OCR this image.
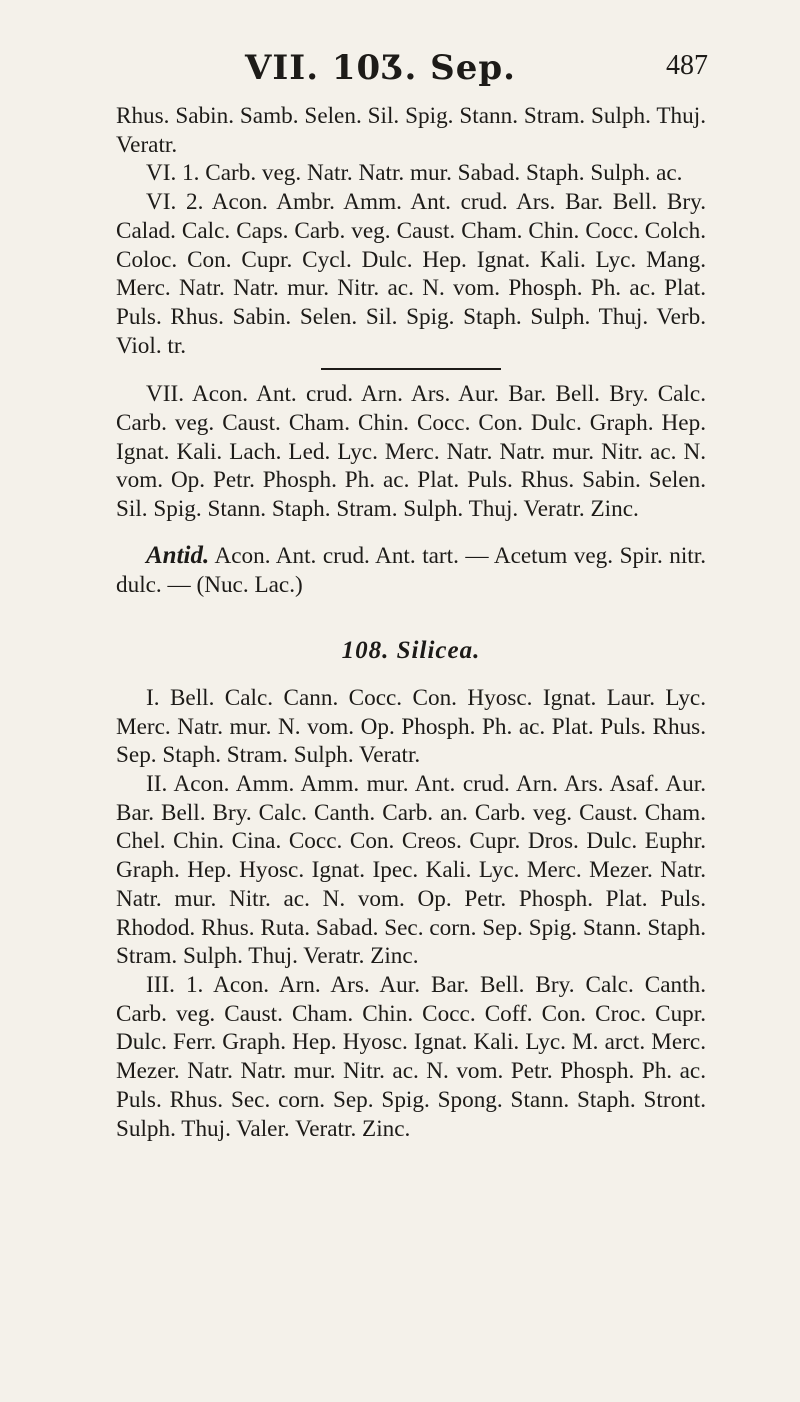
VII. 10Ʒ. Sep.	487

Rhus. Sabin. Samb. Selen. Sil. Spig. Stann. Stram. Sulph. Thuj. Veratr.

VI. 1. Carb. veg. Natr. Natr. mur. Sabad. Staph. Sulph. ac.

VI. 2. Acon. Ambr. Amm. Ant. crud. Ars. Bar. Bell. Bry. Calad. Calc. Caps. Carb. veg. Caust. Cham. Chin. Cocc. Colch. Coloc. Con. Cupr. Cycl. Dulc. Hep. Ignat. Kali. Lyc. Mang. Merc. Natr. Natr. mur. Nitr. ac. N. vom. Phosph. Ph. ac. Plat. Puls. Rhus. Sabin. Selen. Sil. Spig. Staph. Sulph. Thuj. Verb. Viol. tr.

VII. Acon. Ant. crud. Arn. Ars. Aur. Bar. Bell. Bry. Calc. Carb. veg. Caust. Cham. Chin. Cocc. Con. Dulc. Graph. Hep. Ignat. Kali. Lach. Led. Lyc. Merc. Natr. Natr. mur. Nitr. ac. N. vom. Op. Petr. Phosph. Ph. ac. Plat. Puls. Rhus. Sabin. Selen. Sil. Spig. Stann. Staph. Stram. Sulph. Thuj. Veratr. Zinc.

Antid. Acon. Ant. crud. Ant. tart. — Acetum veg. Spir. nitr. dulc. — (Nuc. Lac.)

108. Silicea.

I. Bell. Calc. Cann. Cocc. Con. Hyosc. Ignat. Laur. Lyc. Merc. Natr. mur. N. vom. Op. Phosph. Ph. ac. Plat. Puls. Rhus. Sep. Staph. Stram. Sulph. Veratr.

II. Acon. Amm. Amm. mur. Ant. crud. Arn. Ars. Asaf. Aur. Bar. Bell. Bry. Calc. Canth. Carb. an. Carb. veg. Caust. Cham. Chel. Chin. Cina. Cocc. Con. Creos. Cupr. Dros. Dulc. Euphr. Graph. Hep. Hyosc. Ignat. Ipec. Kali. Lyc. Merc. Mezer. Natr. Natr. mur. Nitr. ac. N. vom. Op. Petr. Phosph. Plat. Puls. Rhodod. Rhus. Ruta. Sabad. Sec. corn. Sep. Spig. Stann. Staph. Stram. Sulph. Thuj. Veratr. Zinc.

III. 1. Acon. Arn. Ars. Aur. Bar. Bell. Bry. Calc. Canth. Carb. veg. Caust. Cham. Chin. Cocc. Coff. Con. Croc. Cupr. Dulc. Ferr. Graph. Hep. Hyosc. Ignat. Kali. Lyc. M. arct. Merc. Mezer. Natr. Natr. mur. Nitr. ac. N. vom. Petr. Phosph. Ph. ac. Puls. Rhus. Sec. corn. Sep. Spig. Spong. Stann. Staph. Stront. Sulph. Thuj. Valer. Veratr. Zinc.
